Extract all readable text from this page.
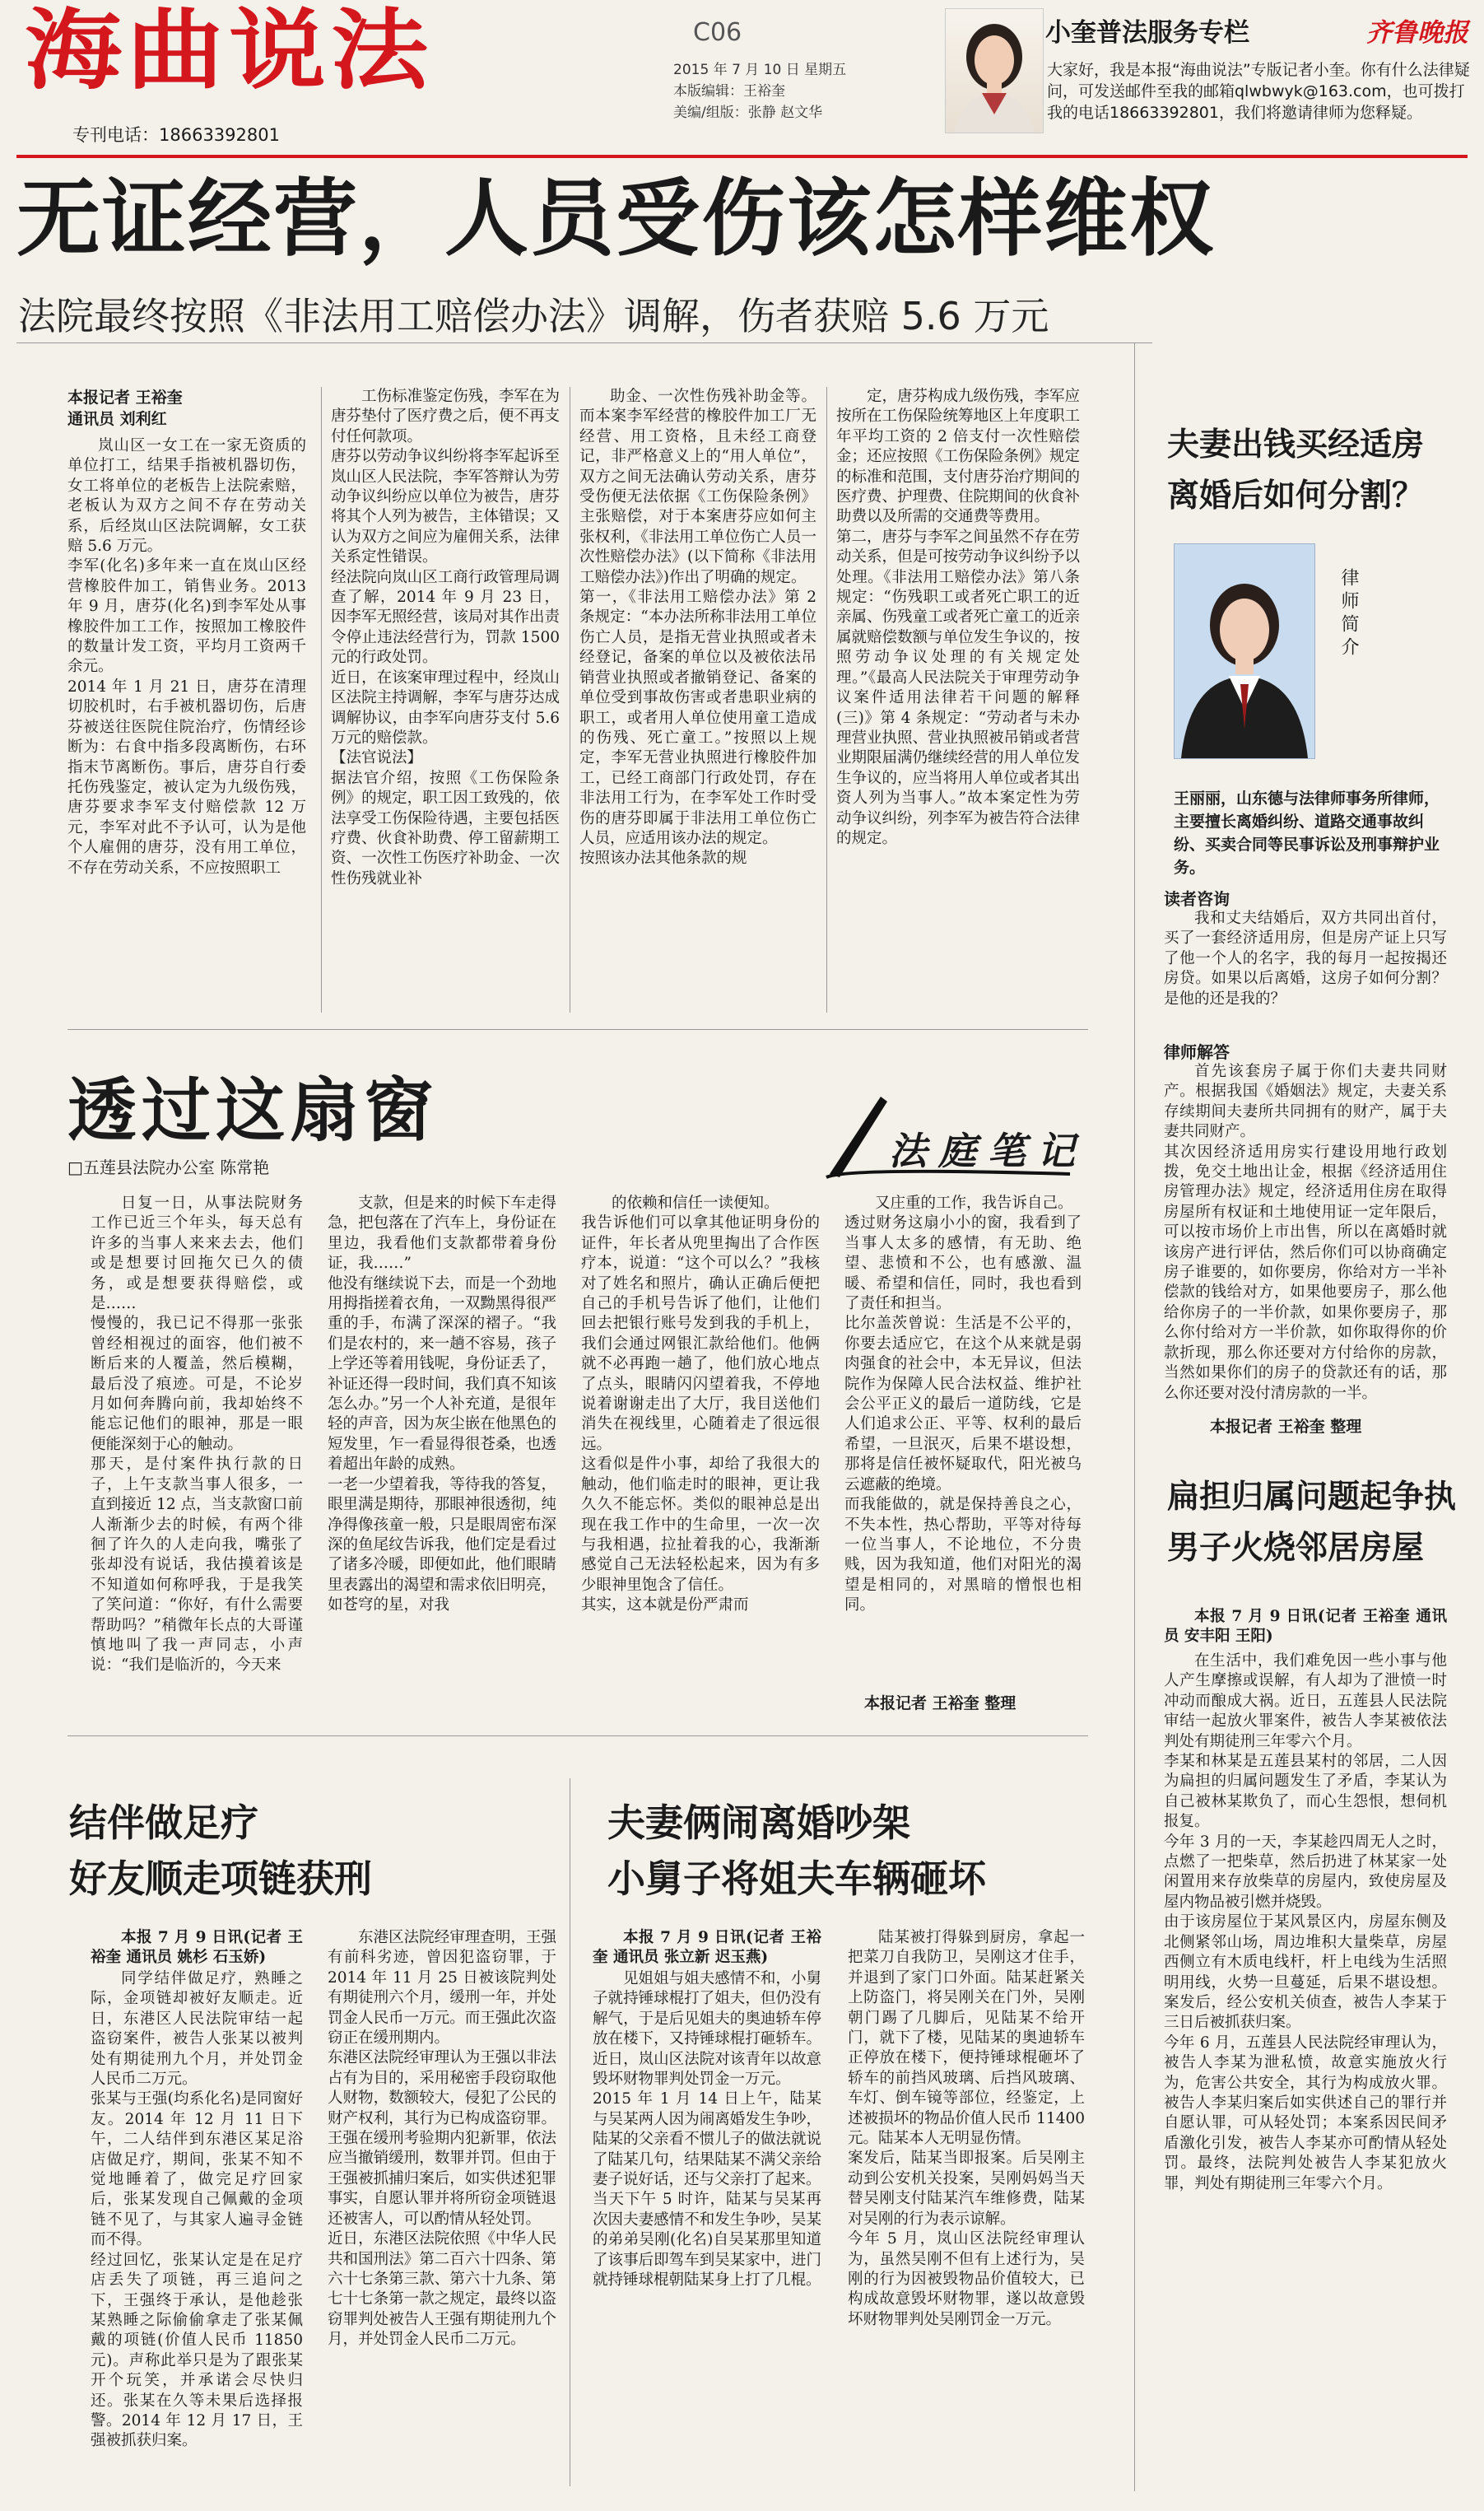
海曲说法
专刊电话：18663392801
C06
2015 年 7 月 10 日 星期五
本版编辑：王裕奎
美编/组版：张静 赵文华
小奎普法服务专栏	齐鲁晚报
大家好，我是本报“海曲说法”专版记者小奎。你有什么法律疑问，可发送邮件至我的邮箱qlwbwyk@163.com，也可拨打我的电话18663392801，我们将邀请律师为您释疑。
无证经营，人员受伤该怎样维权
法院最终按照《非法用工赔偿办法》调解，伤者获赔 5.6 万元
本报记者 王裕奎
通讯员 刘利红
岚山区一女工在一家无资质的单位打工，结果手指被机器切伤，女工将单位的老板告上法院索赔，老板认为双方之间不存在劳动关系，后经岚山区法院调解，女工获赔 5.6 万元。
李军(化名)多年来一直在岚山区经营橡胶件加工，销售业务。2013 年 9 月，唐芬(化名)到李军处从事橡胶件加工工作，按照加工橡胶件的数量计发工资，平均月工资两千余元。
2014 年 1 月 21 日，唐芬在清理切胶机时，右手被机器切伤，后唐芬被送往医院住院治疗，伤情经诊断为：右食中指多段离断伤，右环指末节离断伤。事后，唐芬自行委托伤残鉴定，被认定为九级伤残，唐芬要求李军支付赔偿款 12 万元，李军对此不予认可，认为是他个人雇佣的唐芬，没有用工单位，不存在劳动关系，不应按照职工
工伤标准鉴定伤残，李军在为唐芬垫付了医疗费之后，便不再支付任何款项。
唐芬以劳动争议纠纷将李军起诉至岚山区人民法院，李军答辩认为劳动争议纠纷应以单位为被告，唐芬将其个人列为被告，主体错误；又认为双方之间应为雇佣关系，法律关系定性错误。
经法院向岚山区工商行政管理局调查了解，2014 年 9 月 23 日，因李军无照经营，该局对其作出责令停止违法经营行为，罚款 1500 元的行政处罚。
近日，在该案审理过程中，经岚山区法院主持调解，李军与唐芬达成调解协议，由李军向唐芬支付 5.6 万元的赔偿款。
【法官说法】
据法官介绍，按照《工伤保险条例》的规定，职工因工致残的，依法享受工伤保险待遇，主要包括医疗费、伙食补助费、停工留薪期工资、一次性工伤医疗补助金、一次性伤残就业补
助金、一次性伤残补助金等。而本案李军经营的橡胶件加工厂无经营、用工资格，且未经工商登记，非严格意义上的“用人单位”，双方之间无法确认劳动关系，唐芬受伤便无法依据《工伤保险条例》主张赔偿，对于本案唐芬应如何主张权利，《非法用工单位伤亡人员一次性赔偿办法》(以下简称《非法用工赔偿办法》)作出了明确的规定。
第一，《非法用工赔偿办法》第 2 条规定：“本办法所称非法用工单位伤亡人员，是指无营业执照或者未经登记，备案的单位以及被依法吊销营业执照或者撤销登记、备案的单位受到事故伤害或者患职业病的职工，或者用人单位使用童工造成的伤残、死亡童工。”按照以上规定，李军无营业执照进行橡胶件加工，已经工商部门行政处罚，存在非法用工行为，在李军处工作时受伤的唐芬即属于非法用工单位伤亡人员，应适用该办法的规定。
按照该办法其他条款的规
定，唐芬构成九级伤残，李军应按所在工伤保险统筹地区上年度职工年平均工资的 2 倍支付一次性赔偿金；还应按照《工伤保险条例》规定的标准和范围，支付唐芬治疗期间的医疗费、护理费、住院期间的伙食补助费以及所需的交通费等费用。
第二，唐芬与李军之间虽然不存在劳动关系，但是可按劳动争议纠纷予以处理。《非法用工赔偿办法》第八条规定：“伤残职工或者死亡职工的近亲属、伤残童工或者死亡童工的近亲属就赔偿数额与单位发生争议的，按照劳动争议处理的有关规定处理。”《最高人民法院关于审理劳动争议案件适用法律若干问题的解释(三)》第 4 条规定：“劳动者与未办理营业执照、营业执照被吊销或者营业期限届满仍继续经营的用人单位发生争议的，应当将用人单位或者其出资人列为当事人。”故本案定性为劳动争议纠纷，列李军为被告符合法律的规定。
透过这扇窗
□五莲县法院办公室 陈常艳	法庭笔记
日复一日，从事法院财务工作已近三个年头，每天总有许多的当事人来来去去，他们或是想要讨回拖欠已久的债务，或是想要获得赔偿，或是……
慢慢的，我已记不得那一张张曾经相视过的面容，他们被不断后来的人覆盖，然后模糊，最后没了痕迹。可是，不论岁月如何奔腾向前，我却始终不能忘记他们的眼神，那是一眼便能深刻于心的触动。
那天，是付案件执行款的日子，上午支款当事人很多，一直到接近 12 点，当支款窗口前人渐渐少去的时候，有两个徘徊了许久的人走向我，嘴张了张却没有说话，我估摸着该是不知道如何称呼我，于是我笑了笑问道：“你好，有什么需要帮助吗？”稍微年长点的大哥谨慎地叫了我一声同志，小声说：“我们是临沂的，今天来
支款，但是来的时候下车走得急，把包落在了汽车上，身份证在里边，我看他们支款都带着身份证，我……”
他没有继续说下去，而是一个劲地用拇指搓着衣角，一双黝黑得很严重的手，布满了深深的褶子。“我们是农村的，来一趟不容易，孩子上学还等着用钱呢，身份证丢了，补证还得一段时间，我们真不知该怎么办。”另一个人补充道，是很年轻的声音，因为灰尘嵌在他黑色的短发里，乍一看显得很苍桑，也透着超出年龄的成熟。
一老一少望着我，等待我的答复，眼里满是期待，那眼神很透彻，纯净得像孩童一般，只是眼周密布深深的鱼尾纹告诉我，他们定是看过了诸多冷暖，即便如此，他们眼睛里表露出的渴望和需求依旧明亮，如苍穹的星，对我
的依赖和信任一读便知。
我告诉他们可以拿其他证明身份的证件，年长者从兜里掏出了合作医疗本，说道：“这个可以么？”我核对了姓名和照片，确认正确后便把自己的手机号告诉了他们，让他们回去把银行账号发到我的手机上，我们会通过网银汇款给他们。他俩就不必再跑一趟了，他们放心地点了点头，眼睛闪闪望着我，不停地说着谢谢走出了大厅，我目送他们消失在视线里，心随着走了很远很远。
这看似是件小事，却给了我很大的触动，他们临走时的眼神，更让我久久不能忘怀。类似的眼神总是出现在我工作中的生命里，一次一次与我相遇，拉扯着我的心，我渐渐感觉自己无法轻松起来，因为有多少眼神里饱含了信任。
其实，这本就是份严肃而
又庄重的工作，我告诉自己。
透过财务这扇小小的窗，我看到了当事人太多的感情，有无助、绝望、悲愤和不公，也有感激、温暖、希望和信任，同时，我也看到了责任和担当。
比尔盖茨曾说：生活是不公平的，你要去适应它，在这个从来就是弱肉强食的社会中，本无异议，但法院作为保障人民合法权益、维护社会公平正义的最后一道防线，它是人们追求公正、平等、权利的最后希望，一旦泯灭，后果不堪设想，那将是信任被怀疑取代，阳光被乌云遮蔽的绝境。
而我能做的，就是保持善良之心，不失本性，热心帮助，平等对待每一位当事人，不论地位，不分贵贱，因为我知道，他们对阳光的渴望是相同的，对黑暗的憎恨也相同。
本报记者 王裕奎 整理
结伴做足疗
好友顺走项链获刑
本报 7 月 9 日讯(记者 王裕奎 通讯员 姚杉 石玉娇)
同学结伴做足疗，熟睡之际，金项链却被好友顺走。近日，东港区人民法院审结一起盗窃案件，被告人张某以被判处有期徒刑九个月，并处罚金人民币二万元。
张某与王强(均系化名)是同窗好友。2014 年 12 月 11 日下午，二人结伴到东港区某足浴店做足疗，期间，张某不知不觉地睡着了，做完足疗回家后，张某发现自己佩戴的金项链不见了，与其家人遍寻金链而不得。
经过回忆，张某认定是在足疗店丢失了项链，再三追问之下，王强终于承认，是他趁张某熟睡之际偷偷拿走了张某佩戴的项链(价值人民币 11850 元)。声称此举只是为了跟张某开个玩笑，并承诺会尽快归还。张某在久等未果后选择报警。2014 年 12 月 17 日，王强被抓获归案。
东港区法院经审理查明，王强有前科劣迹，曾因犯盗窃罪，于 2014 年 11 月 25 日被该院判处有期徒刑六个月，缓刑一年，并处罚金人民币一万元。而王强此次盗窃正在缓刑期内。
东港区法院经审理认为王强以非法占有为目的，采用秘密手段窃取他人财物，数额较大，侵犯了公民的财产权利，其行为已构成盗窃罪。王强在缓刑考验期内犯新罪，依法应当撤销缓刑，数罪并罚。但由于王强被抓捕归案后，如实供述犯罪事实，自愿认罪并将所窃金项链退还被害人，可以酌情从轻处罚。
近日，东港区法院依照《中华人民共和国刑法》第二百六十四条、第六十七条第三款、第六十九条、第七十七条第一款之规定，最终以盗窃罪判处被告人王强有期徒刑九个月，并处罚金人民币二万元。
夫妻俩闹离婚吵架
小舅子将姐夫车辆砸坏
本报 7 月 9 日讯(记者 王裕奎 通讯员 张立新 迟玉燕)
见姐姐与姐夫感情不和，小舅子就持锤球棍打了姐夫，但仍没有解气，于是后见姐夫的奥迪轿车停放在楼下，又持锤球棍打砸轿车。近日，岚山区法院对该青年以故意毁坏财物罪判处罚金一万元。
2015 年 1 月 14 日上午，陆某与吴某两人因为闹离婚发生争吵，陆某的父亲看不惯儿子的做法就说了陆某几句，结果陆某不满父亲给妻子说好话，还与父亲打了起来。
当天下午 5 时许，陆某与吴某再次因夫妻感情不和发生争吵，吴某的弟弟吴刚(化名)自吴某那里知道了该事后即驾车到吴某家中，进门就持锤球棍朝陆某身上打了几棍。
陆某被打得躲到厨房，拿起一把菜刀自我防卫，吴刚这才住手，并退到了家门口外面。陆某赶紧关上防盗门，将吴刚关在门外，吴刚朝门踢了几脚后，见陆某不给开门，就下了楼，见陆某的奥迪轿车正停放在楼下，便持锤球棍砸坏了轿车的前挡风玻璃、后挡风玻璃、车灯、倒车镜等部位，经鉴定，上述被损坏的物品价值人民币 11400 元。陆某本人无明显伤情。
案发后，陆某当即报案。后吴刚主动到公安机关投案，吴刚妈妈当天替吴刚支付陆某汽车维修费，陆某对吴刚的行为表示谅解。
今年 5 月，岚山区法院经审理认为，虽然吴刚不但有上述行为，吴刚的行为因被毁物品价值较大，已构成故意毁坏财物罪，遂以故意毁坏财物罪判处吴刚罚金一万元。
夫妻出钱买经适房
离婚后如何分割？
律师简介
王丽丽，山东德与法律师事务所律师，主要擅长离婚纠纷、道路交通事故纠纷、买卖合同等民事诉讼及刑事辩护业务。
读者咨询
我和丈夫结婚后，双方共同出首付，买了一套经济适用房，但是房产证上只写了他一个人的名字，我的每月一起按揭还房贷。如果以后离婚，这房子如何分割？是他的还是我的？
律师解答
首先该套房子属于你们夫妻共同财产。根据我国《婚姻法》规定，夫妻关系存续期间夫妻所共同拥有的财产，属于夫妻共同财产。
其次因经济适用房实行建设用地行政划拨，免交土地出让金，根据《经济适用住房管理办法》规定，经济适用住房在取得房屋所有权证和土地使用证一定年限后，可以按市场价上市出售，所以在离婚时就该房产进行评估，然后你们可以协商确定房子谁要的，如你要房，你给对方一半补偿款的钱给对方，如果他要房子，那么他给你房子的一半价款，如果你要房子，那么你付给对方一半价款，如你取得你的价款折现，那么你还要对方付给你的房款，当然如果你们的房子的贷款还有的话，那么你还要对没付清房款的一半。
本报记者 王裕奎 整理
扁担归属问题起争执
男子火烧邻居房屋
本报 7 月 9 日讯(记者 王裕奎 通讯员 安丰阳 王阳)
在生活中，我们难免因一些小事与他人产生摩擦或误解，有人却为了泄愤一时冲动而酿成大祸。近日，五莲县人民法院审结一起放火罪案件，被告人李某被依法判处有期徒刑三年零六个月。
李某和林某是五莲县某村的邻居，二人因为扁担的归属问题发生了矛盾，李某认为自己被林某欺负了，而心生怨恨，想伺机报复。
今年 3 月的一天，李某趁四周无人之时，点燃了一把柴草，然后扔进了林某家一处闲置用来存放柴草的房屋内，致使房屋及屋内物品被引燃并烧毁。
由于该房屋位于某风景区内，房屋东侧及北侧紧邻山场，周边堆积大量柴草，房屋西侧立有木质电线杆，杆上电线为生活照明用线，火势一旦蔓延，后果不堪设想。案发后，经公安机关侦查，被告人李某于三日后被抓获归案。
今年 6 月，五莲县人民法院经审理认为，被告人李某为泄私愤，故意实施放火行为，危害公共安全，其行为构成放火罪。被告人李某归案后如实供述自己的罪行并自愿认罪，可从轻处罚；本案系因民间矛盾激化引发，被告人李某亦可酌情从轻处罚。最终，法院判处被告人李某犯放火罪，判处有期徒刑三年零六个月。
